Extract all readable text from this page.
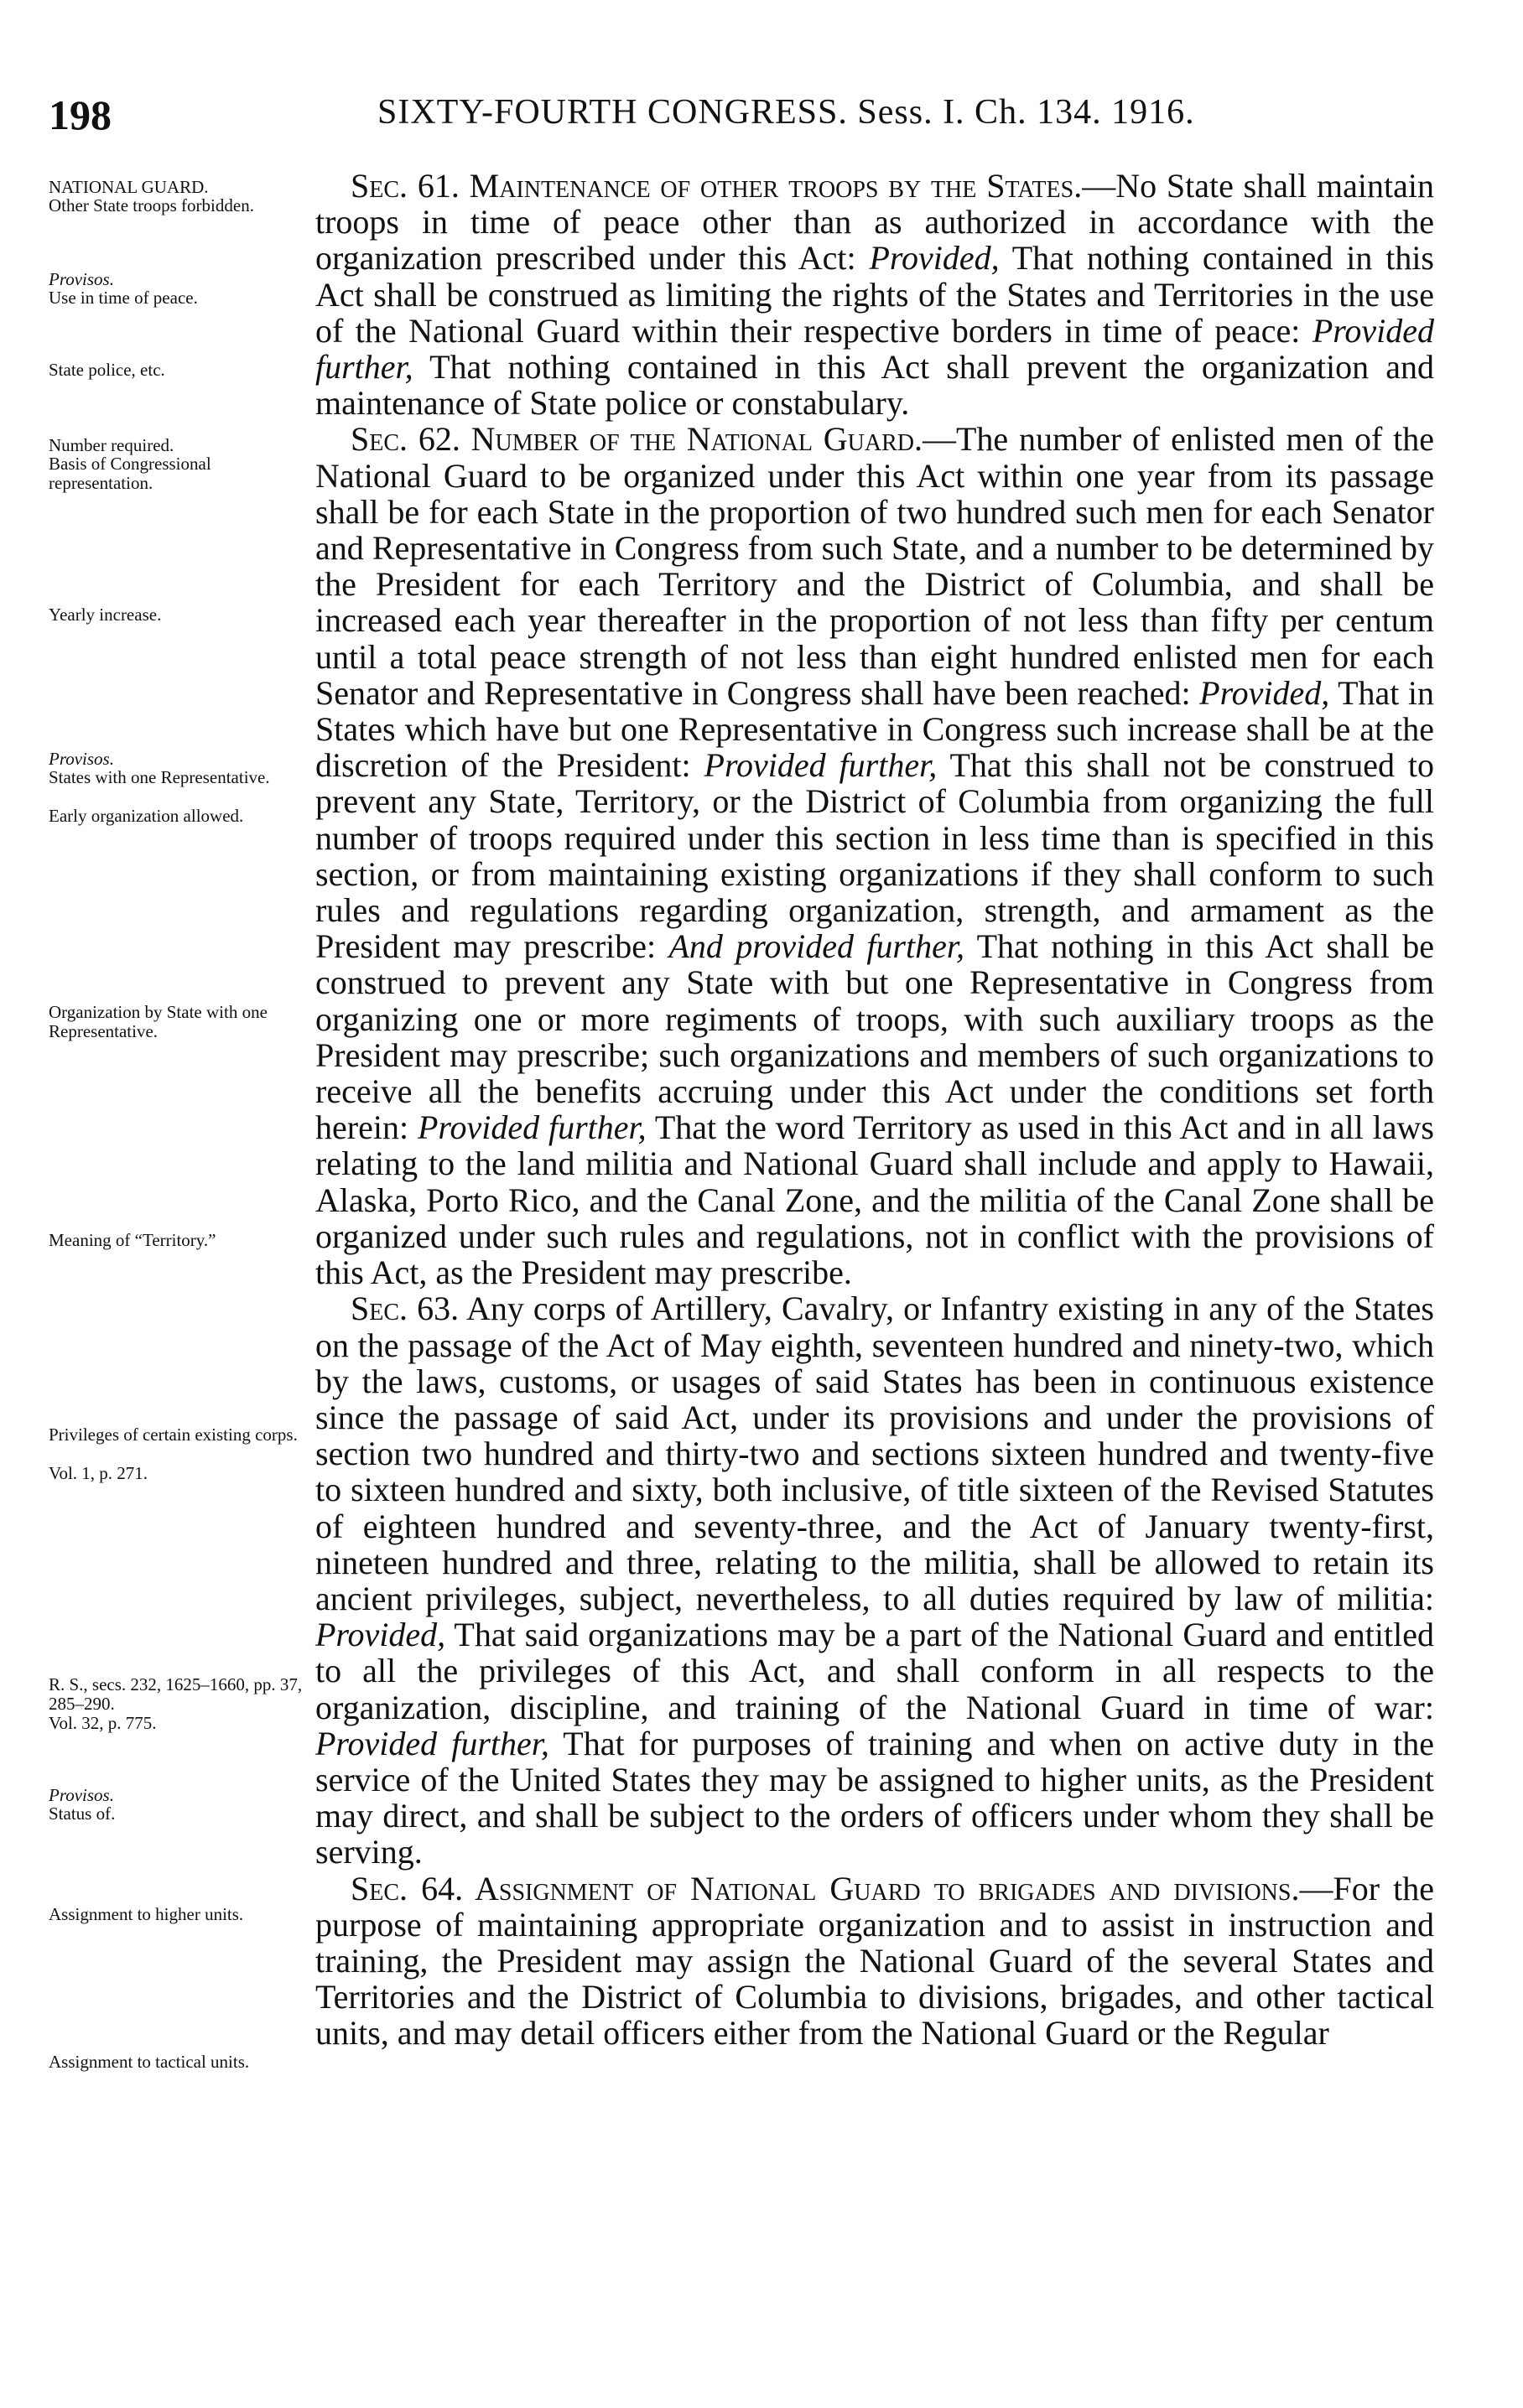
198	SIXTY-FOURTH CONGRESS. Sess. I. Ch. 134. 1916.
NATIONAL GUARD.
Other State troops forbidden.
Provisos.
Use in time of peace.
State police, etc.
Number required.
Basis of Congressional representation.
Yearly increase.
Provisos.
States with one Representative.
Early organization allowed.
Organization by State with one Representative.
Meaning of “Territory.”
Privileges of certain existing corps.
Vol. 1, p. 271.
R. S., secs. 232, 1625–1660, pp. 37, 285–290.
Vol. 32, p. 775.
Provisos.
Status of.
Assignment to higher units.
Assignment to tactical units.

Sec. 61. Maintenance of other troops by the States.—No State shall maintain troops in time of peace other than as authorized in accordance with the organization prescribed under this Act: Provided, That nothing contained in this Act shall be construed as limiting the rights of the States and Territories in the use of the National Guard within their respective borders in time of peace: Provided further, That nothing contained in this Act shall prevent the organization and maintenance of State police or constabulary.

Sec. 62. Number of the National Guard.—The number of enlisted men of the National Guard to be organized under this Act within one year from its passage shall be for each State in the proportion of two hundred such men for each Senator and Representative in Congress from such State, and a number to be determined by the President for each Territory and the District of Columbia, and shall be increased each year thereafter in the proportion of not less than fifty per centum until a total peace strength of not less than eight hundred enlisted men for each Senator and Representative in Congress shall have been reached: Provided, That in States which have but one Representative in Congress such increase shall be at the discretion of the President: Provided further, That this shall not be construed to prevent any State, Territory, or the District of Columbia from organizing the full number of troops required under this section in less time than is specified in this section, or from maintaining existing organizations if they shall conform to such rules and regulations regarding organization, strength, and armament as the President may prescribe: And provided further, That nothing in this Act shall be construed to prevent any State with but one Representative in Congress from organizing one or more regiments of troops, with such auxiliary troops as the President may prescribe; such organizations and members of such organizations to receive all the benefits accruing under this Act under the conditions set forth herein: Provided further, That the word Territory as used in this Act and in all laws relating to the land militia and National Guard shall include and apply to Hawaii, Alaska, Porto Rico, and the Canal Zone, and the militia of the Canal Zone shall be organized under such rules and regulations, not in conflict with the provisions of this Act, as the President may prescribe.

Sec. 63. Any corps of Artillery, Cavalry, or Infantry existing in any of the States on the passage of the Act of May eighth, seventeen hundred and ninety-two, which by the laws, customs, or usages of said States has been in continuous existence since the passage of said Act, under its provisions and under the provisions of section two hundred and thirty-two and sections sixteen hundred and twenty-five to sixteen hundred and sixty, both inclusive, of title sixteen of the Revised Statutes of eighteen hundred and seventy-three, and the Act of January twenty-first, nineteen hundred and three, relating to the militia, shall be allowed to retain its ancient privileges, subject, nevertheless, to all duties required by law of militia: Provided, That said organizations may be a part of the National Guard and entitled to all the privileges of this Act, and shall conform in all respects to the organization, discipline, and training of the National Guard in time of war: Provided further, That for purposes of training and when on active duty in the service of the United States they may be assigned to higher units, as the President may direct, and shall be subject to the orders of officers under whom they shall be serving.

Sec. 64. Assignment of National Guard to brigades and divisions.—For the purpose of maintaining appropriate organization and to assist in instruction and training, the President may assign the National Guard of the several States and Territories and the District of Columbia to divisions, brigades, and other tactical units, and may detail officers either from the National Guard or the Regular
